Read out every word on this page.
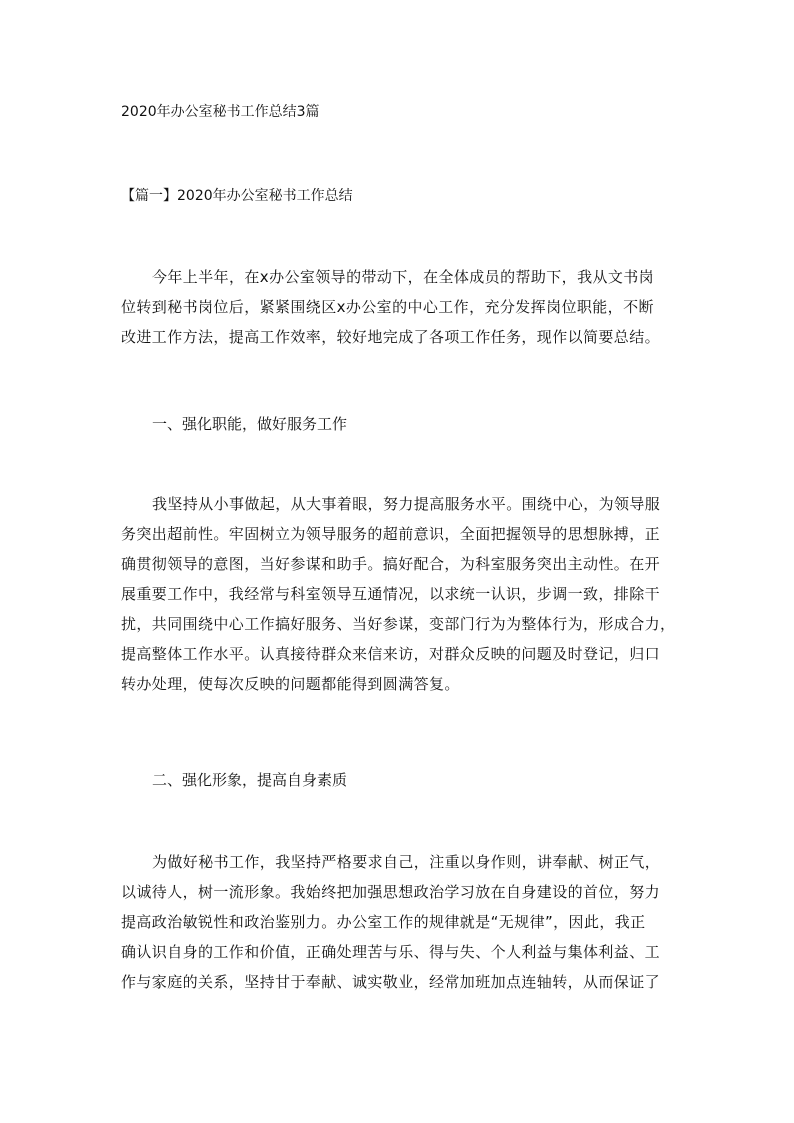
2020年办公室秘书工作总结3篇
【篇一】2020年办公室秘书工作总结
今年上半年，在x办公室领导的带动下，在全体成员的帮助下，我从文书岗
位转到秘书岗位后，紧紧围绕区x办公室的中心工作，充分发挥岗位职能，不断
改进工作方法，提高工作效率，较好地完成了各项工作任务，现作以简要总结。
一、强化职能，做好服务工作
我坚持从小事做起，从大事着眼，努力提高服务水平。围绕中心，为领导服
务突出超前性。牢固树立为领导服务的超前意识，全面把握领导的思想脉搏，正
确贯彻领导的意图，当好参谋和助手。搞好配合，为科室服务突出主动性。在开
展重要工作中，我经常与科室领导互通情况，以求统一认识，步调一致，排除干
扰，共同围绕中心工作搞好服务、当好参谋，变部门行为为整体行为，形成合力，
提高整体工作水平。认真接待群众来信来访，对群众反映的问题及时登记，归口
转办处理，使每次反映的问题都能得到圆满答复。
二、强化形象，提高自身素质
为做好秘书工作，我坚持严格要求自己，注重以身作则，讲奉献、树正气，
以诚待人，树一流形象。我始终把加强思想政治学习放在自身建设的首位，努力
提高政治敏锐性和政治鉴别力。办公室工作的规律就是“无规律”，因此，我正
确认识自身的工作和价值，正确处理苦与乐、得与失、个人利益与集体利益、工
作与家庭的关系，坚持甘于奉献、诚实敬业，经常加班加点连轴转，从而保证了
